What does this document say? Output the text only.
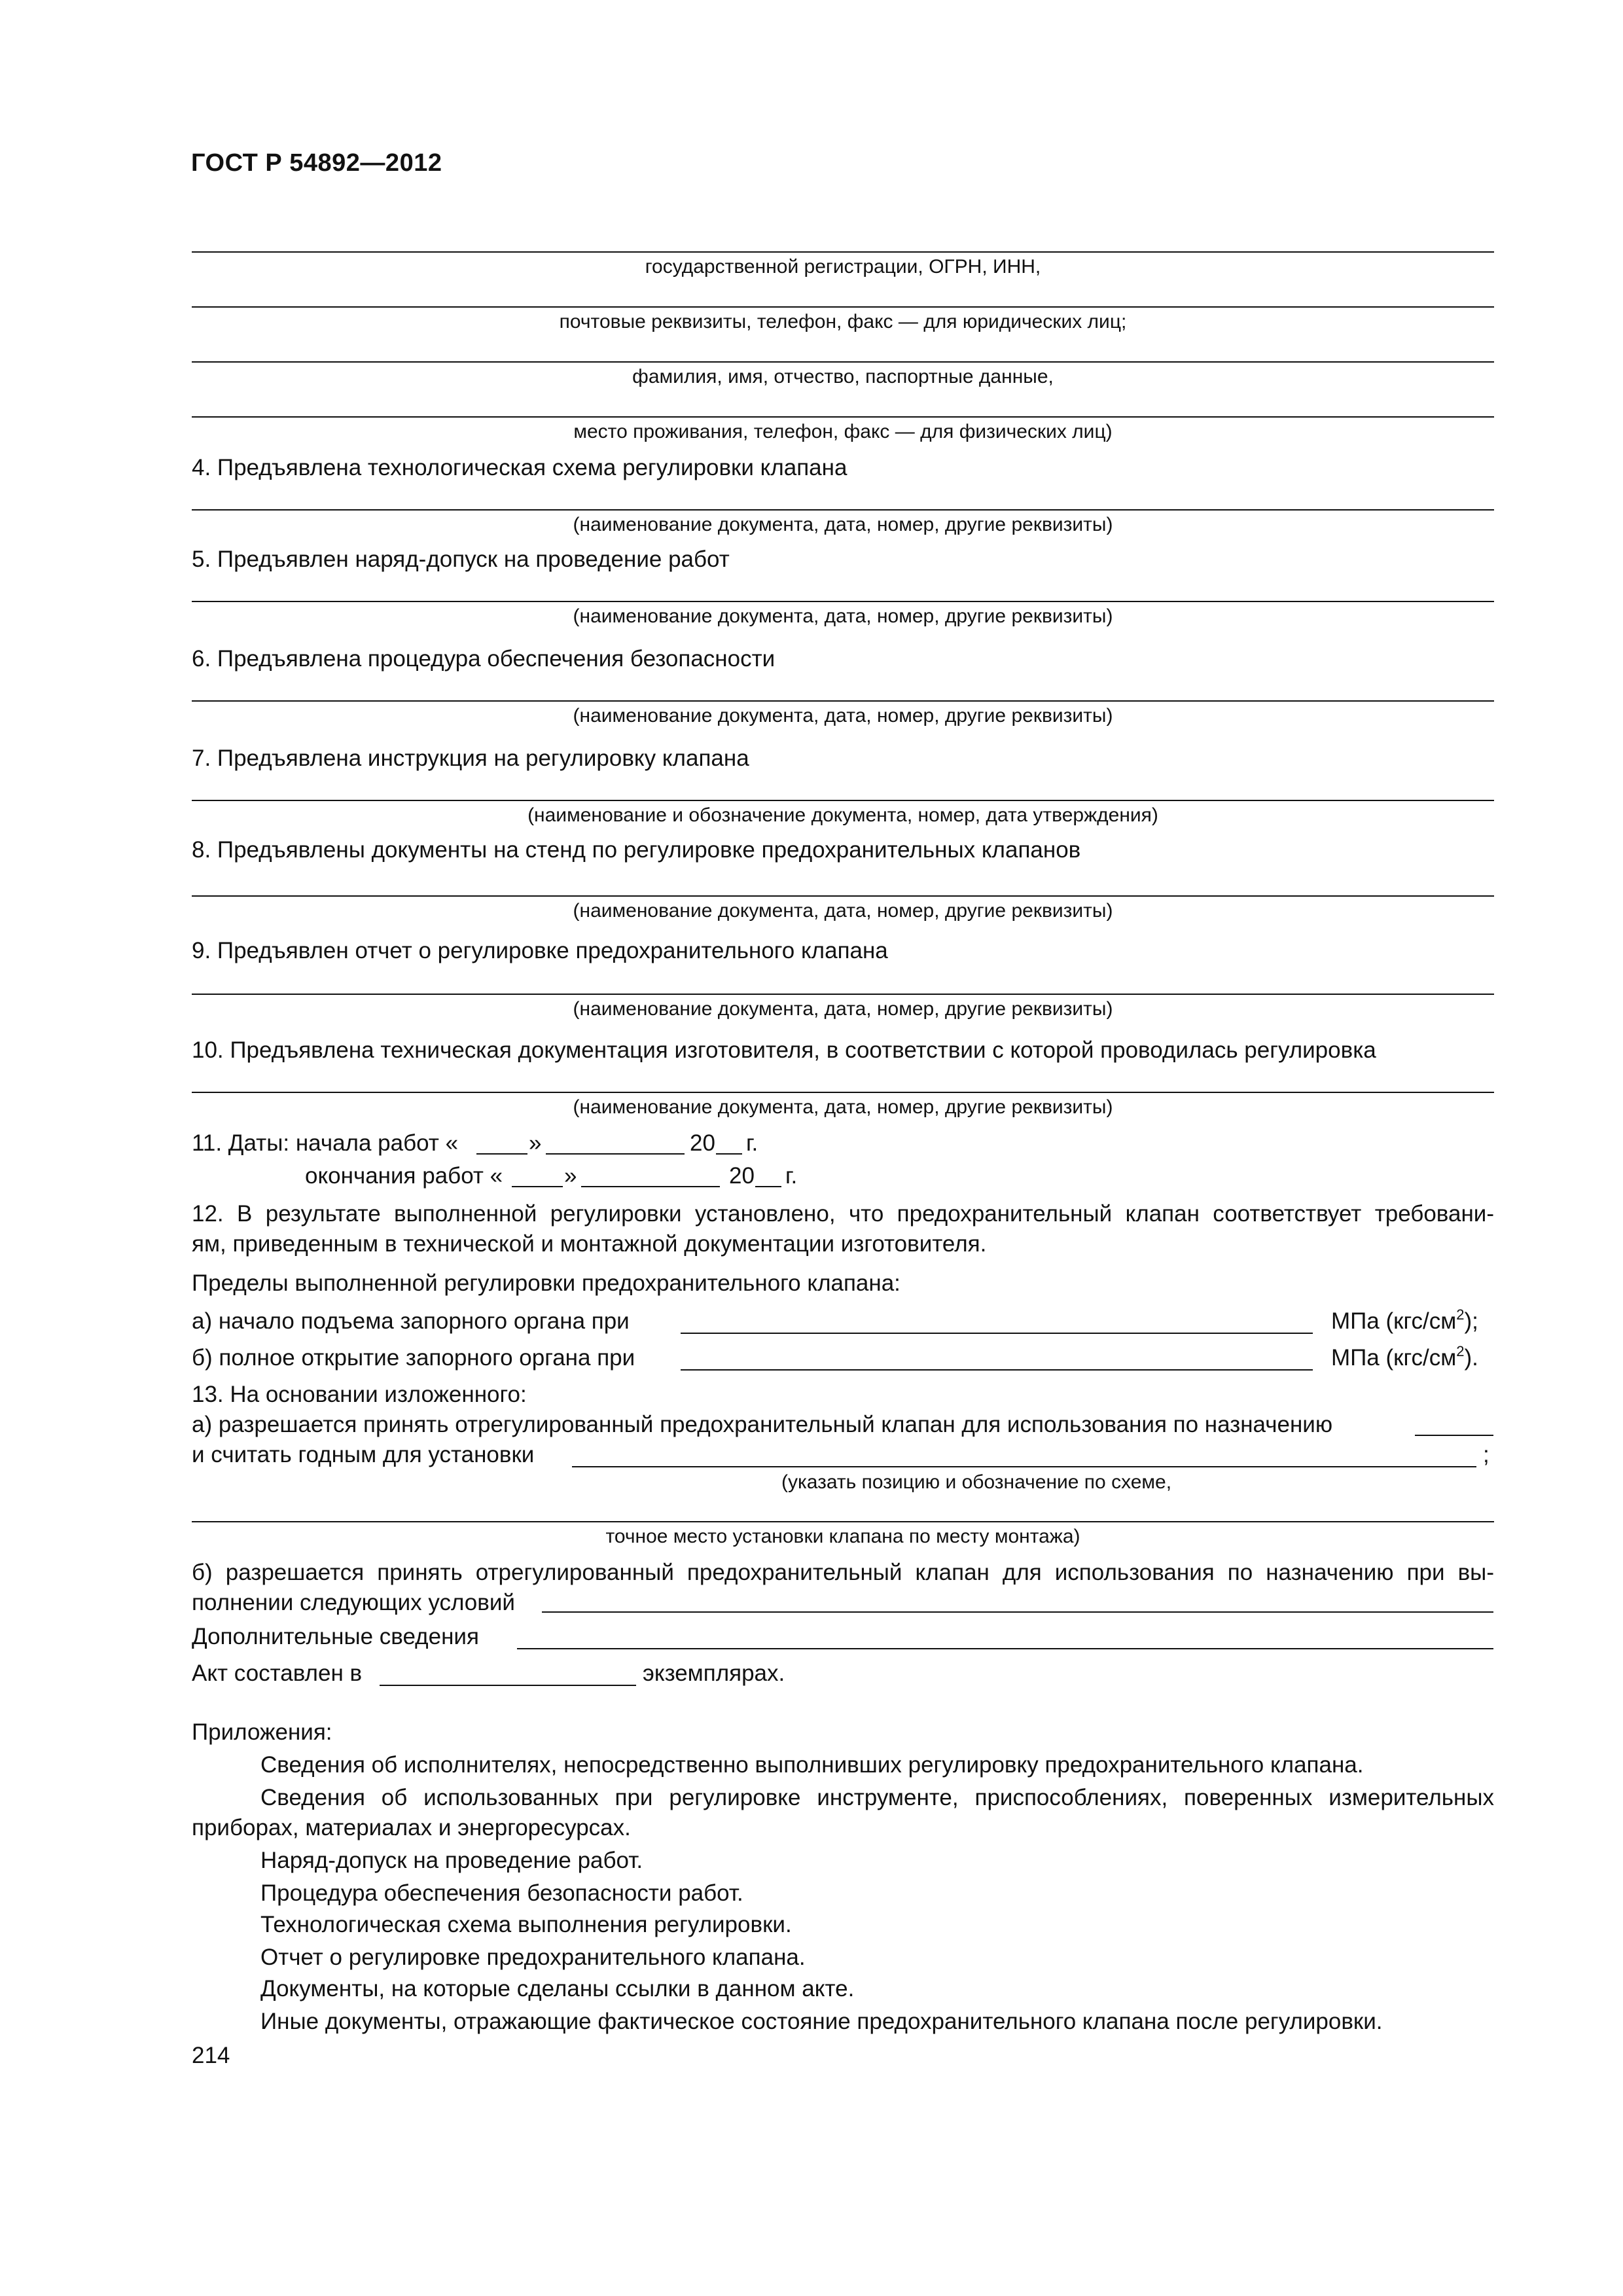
ГОСТ Р 54892—2012
государственной регистрации, ОГРН, ИНН,
почтовые реквизиты, телефон, факс — для юридических лиц;
фамилия, имя, отчество, паспортные данные,
место проживания, телефон, факс — для физических лиц)
4. Предъявлена технологическая схема регулировки клапана
(наименование документа, дата, номер, другие реквизиты)
5. Предъявлен наряд-допуск на проведение работ
(наименование документа, дата, номер, другие реквизиты)
6. Предъявлена процедура обеспечения безопасности
(наименование документа, дата, номер, другие реквизиты)
7. Предъявлена инструкция на регулировку клапана
(наименование и обозначение документа, номер, дата утверждения)
8. Предъявлены документы на стенд по регулировке предохранительных клапанов
(наименование документа, дата, номер, другие реквизиты)
9. Предъявлен отчет о регулировке предохранительного клапана
(наименование документа, дата, номер, другие реквизиты)
10. Предъявлена техническая документация изготовителя, в соответствии с которой проводилась регулировка
(наименование документа, дата, номер, другие реквизиты)
11. Даты: начала работ «	»	20 г.
окончания работ «	»	20 г.
12. В результате выполненной регулировки установлено, что предохранительный клапан соответствует требовани-
ям, приведенным в технической и монтажной документации изготовителя.
Пределы выполненной регулировки предохранительного клапана:
а) начало подъема запорного органа при	МПа $(кгс/см^2)$;
б) полное открытие запорного органа при	МПа $(кгс/см^2)$.
13. На основании изложенного:
а) разрешается принять отрегулированный предохранительный клапан для использования по назначению
и считать годным для установки	;
(указать позицию и обозначение по схеме,
точное место установки клапана по месту монтажа)
б) разрешается принять отрегулированный предохранительный клапан для использования по назначению при вы-
полнении следующих условий
Дополнительные сведения
Акт составлен в	экземплярах.
Приложения:
Сведения об исполнителях, непосредственно выполнивших регулировку предохранительного клапана.
Сведения об использованных при регулировке инструменте, приспособлениях, поверенных измерительных
приборах, материалах и энергоресурсах.
Наряд-допуск на проведение работ.
Процедура обеспечения безопасности работ.
Технологическая схема выполнения регулировки.
Отчет о регулировке предохранительного клапана.
Документы, на которые сделаны ссылки в данном акте.
Иные документы, отражающие фактическое состояние предохранительного клапана после регулировки.
214
